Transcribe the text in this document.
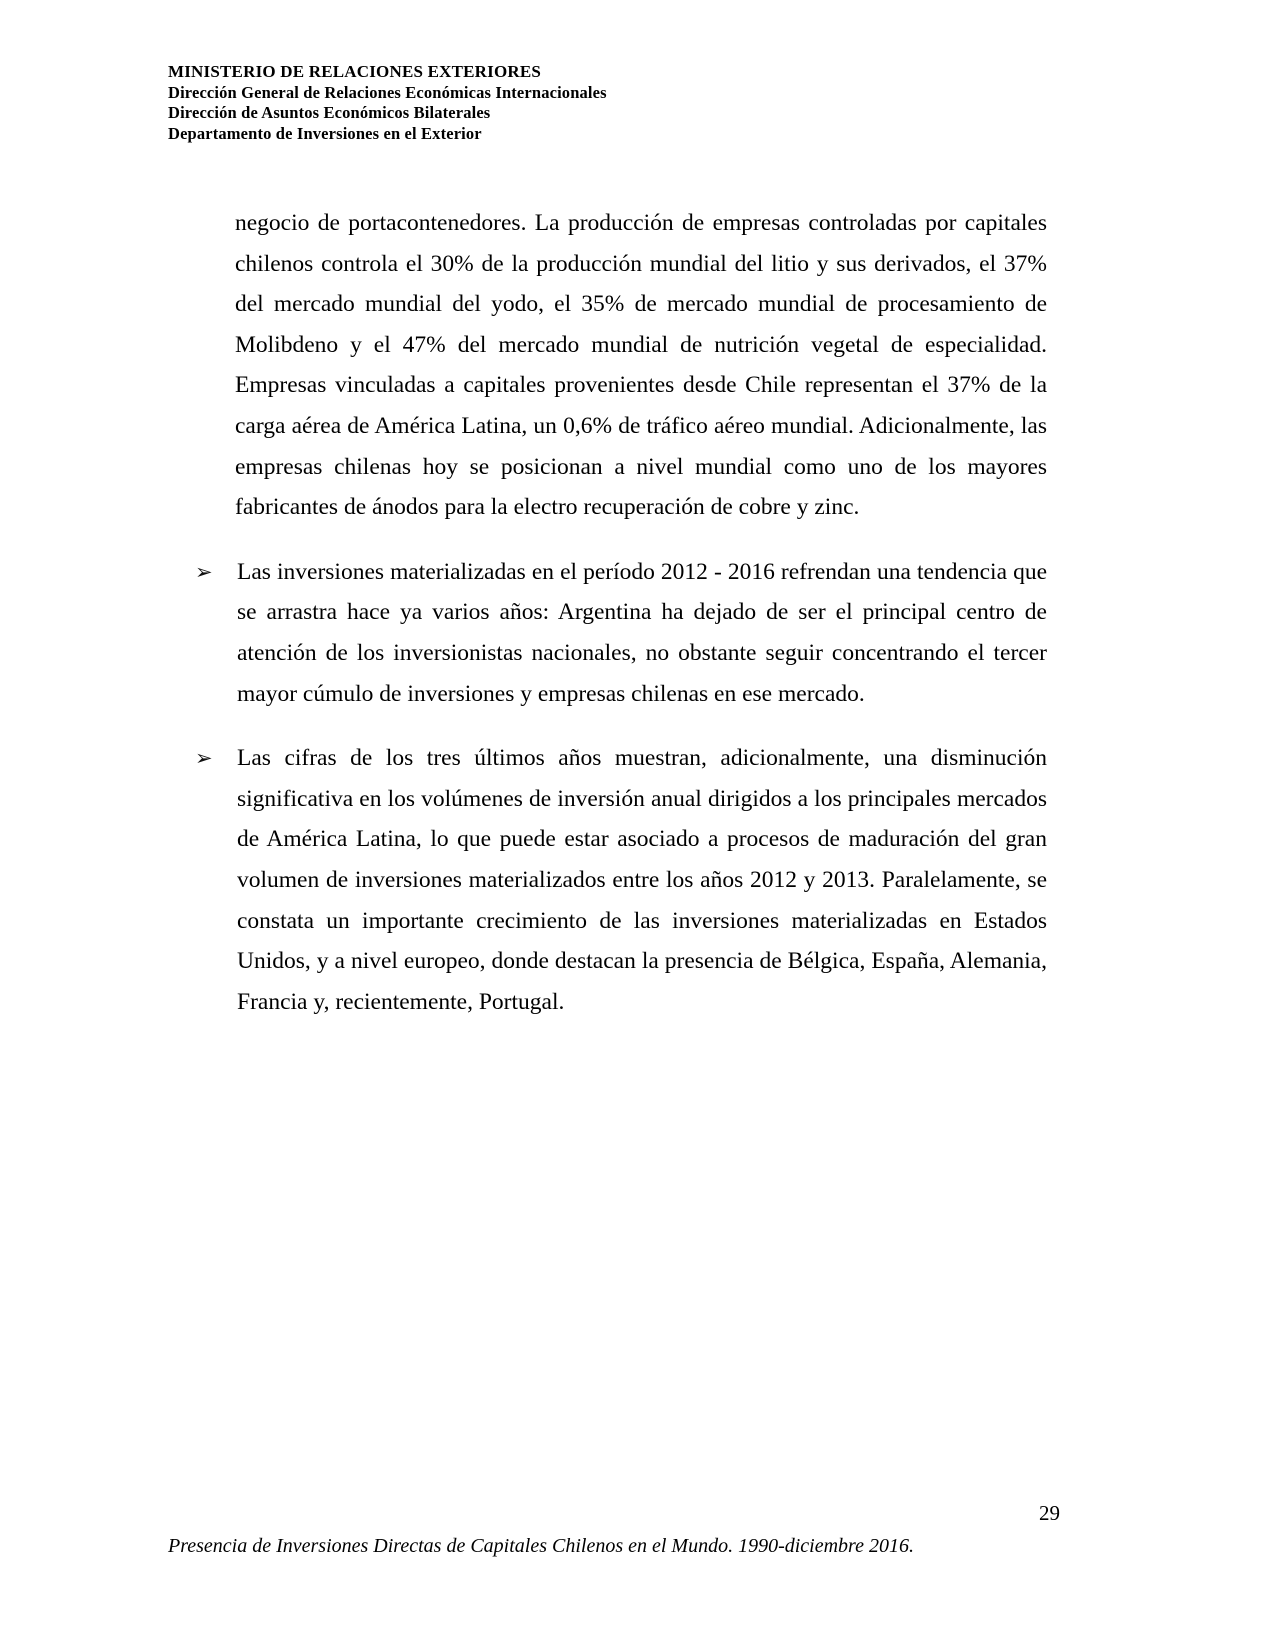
MINISTERIO DE RELACIONES EXTERIORES
Dirección General de Relaciones Económicas Internacionales
Dirección de Asuntos Económicos Bilaterales
Departamento de Inversiones en el Exterior

negocio de portacontenedores. La producción de empresas controladas por capitales chilenos controla el 30% de la producción mundial del litio y sus derivados, el 37% del mercado mundial del yodo, el 35% de mercado mundial de procesamiento de Molibdeno y el 47% del mercado mundial de nutrición vegetal de especialidad. Empresas vinculadas a capitales provenientes desde Chile representan el 37% de la carga aérea de América Latina, un 0,6% de tráfico aéreo mundial. Adicionalmente, las empresas chilenas hoy se posicionan a nivel mundial como uno de los mayores fabricantes de ánodos para la electro recuperación de cobre y zinc.

➢	Las inversiones materializadas en el período 2012 - 2016 refrendan una tendencia que se arrastra hace ya varios años: Argentina ha dejado de ser el principal centro de atención de los inversionistas nacionales, no obstante seguir concentrando el tercer mayor cúmulo de inversiones y empresas chilenas en ese mercado.
➢	Las cifras de los tres últimos años muestran, adicionalmente, una disminución significativa en los volúmenes de inversión anual dirigidos a los principales mercados de América Latina, lo que puede estar asociado a procesos de maduración del gran volumen de inversiones materializados entre los años 2012 y 2013. Paralelamente, se constata un importante crecimiento de las inversiones materializadas en Estados Unidos, y a nivel europeo, donde destacan la presencia de Bélgica, España, Alemania, Francia y, recientemente, Portugal.
29
Presencia de Inversiones Directas de Capitales Chilenos en el Mundo. 1990-diciembre 2016.
